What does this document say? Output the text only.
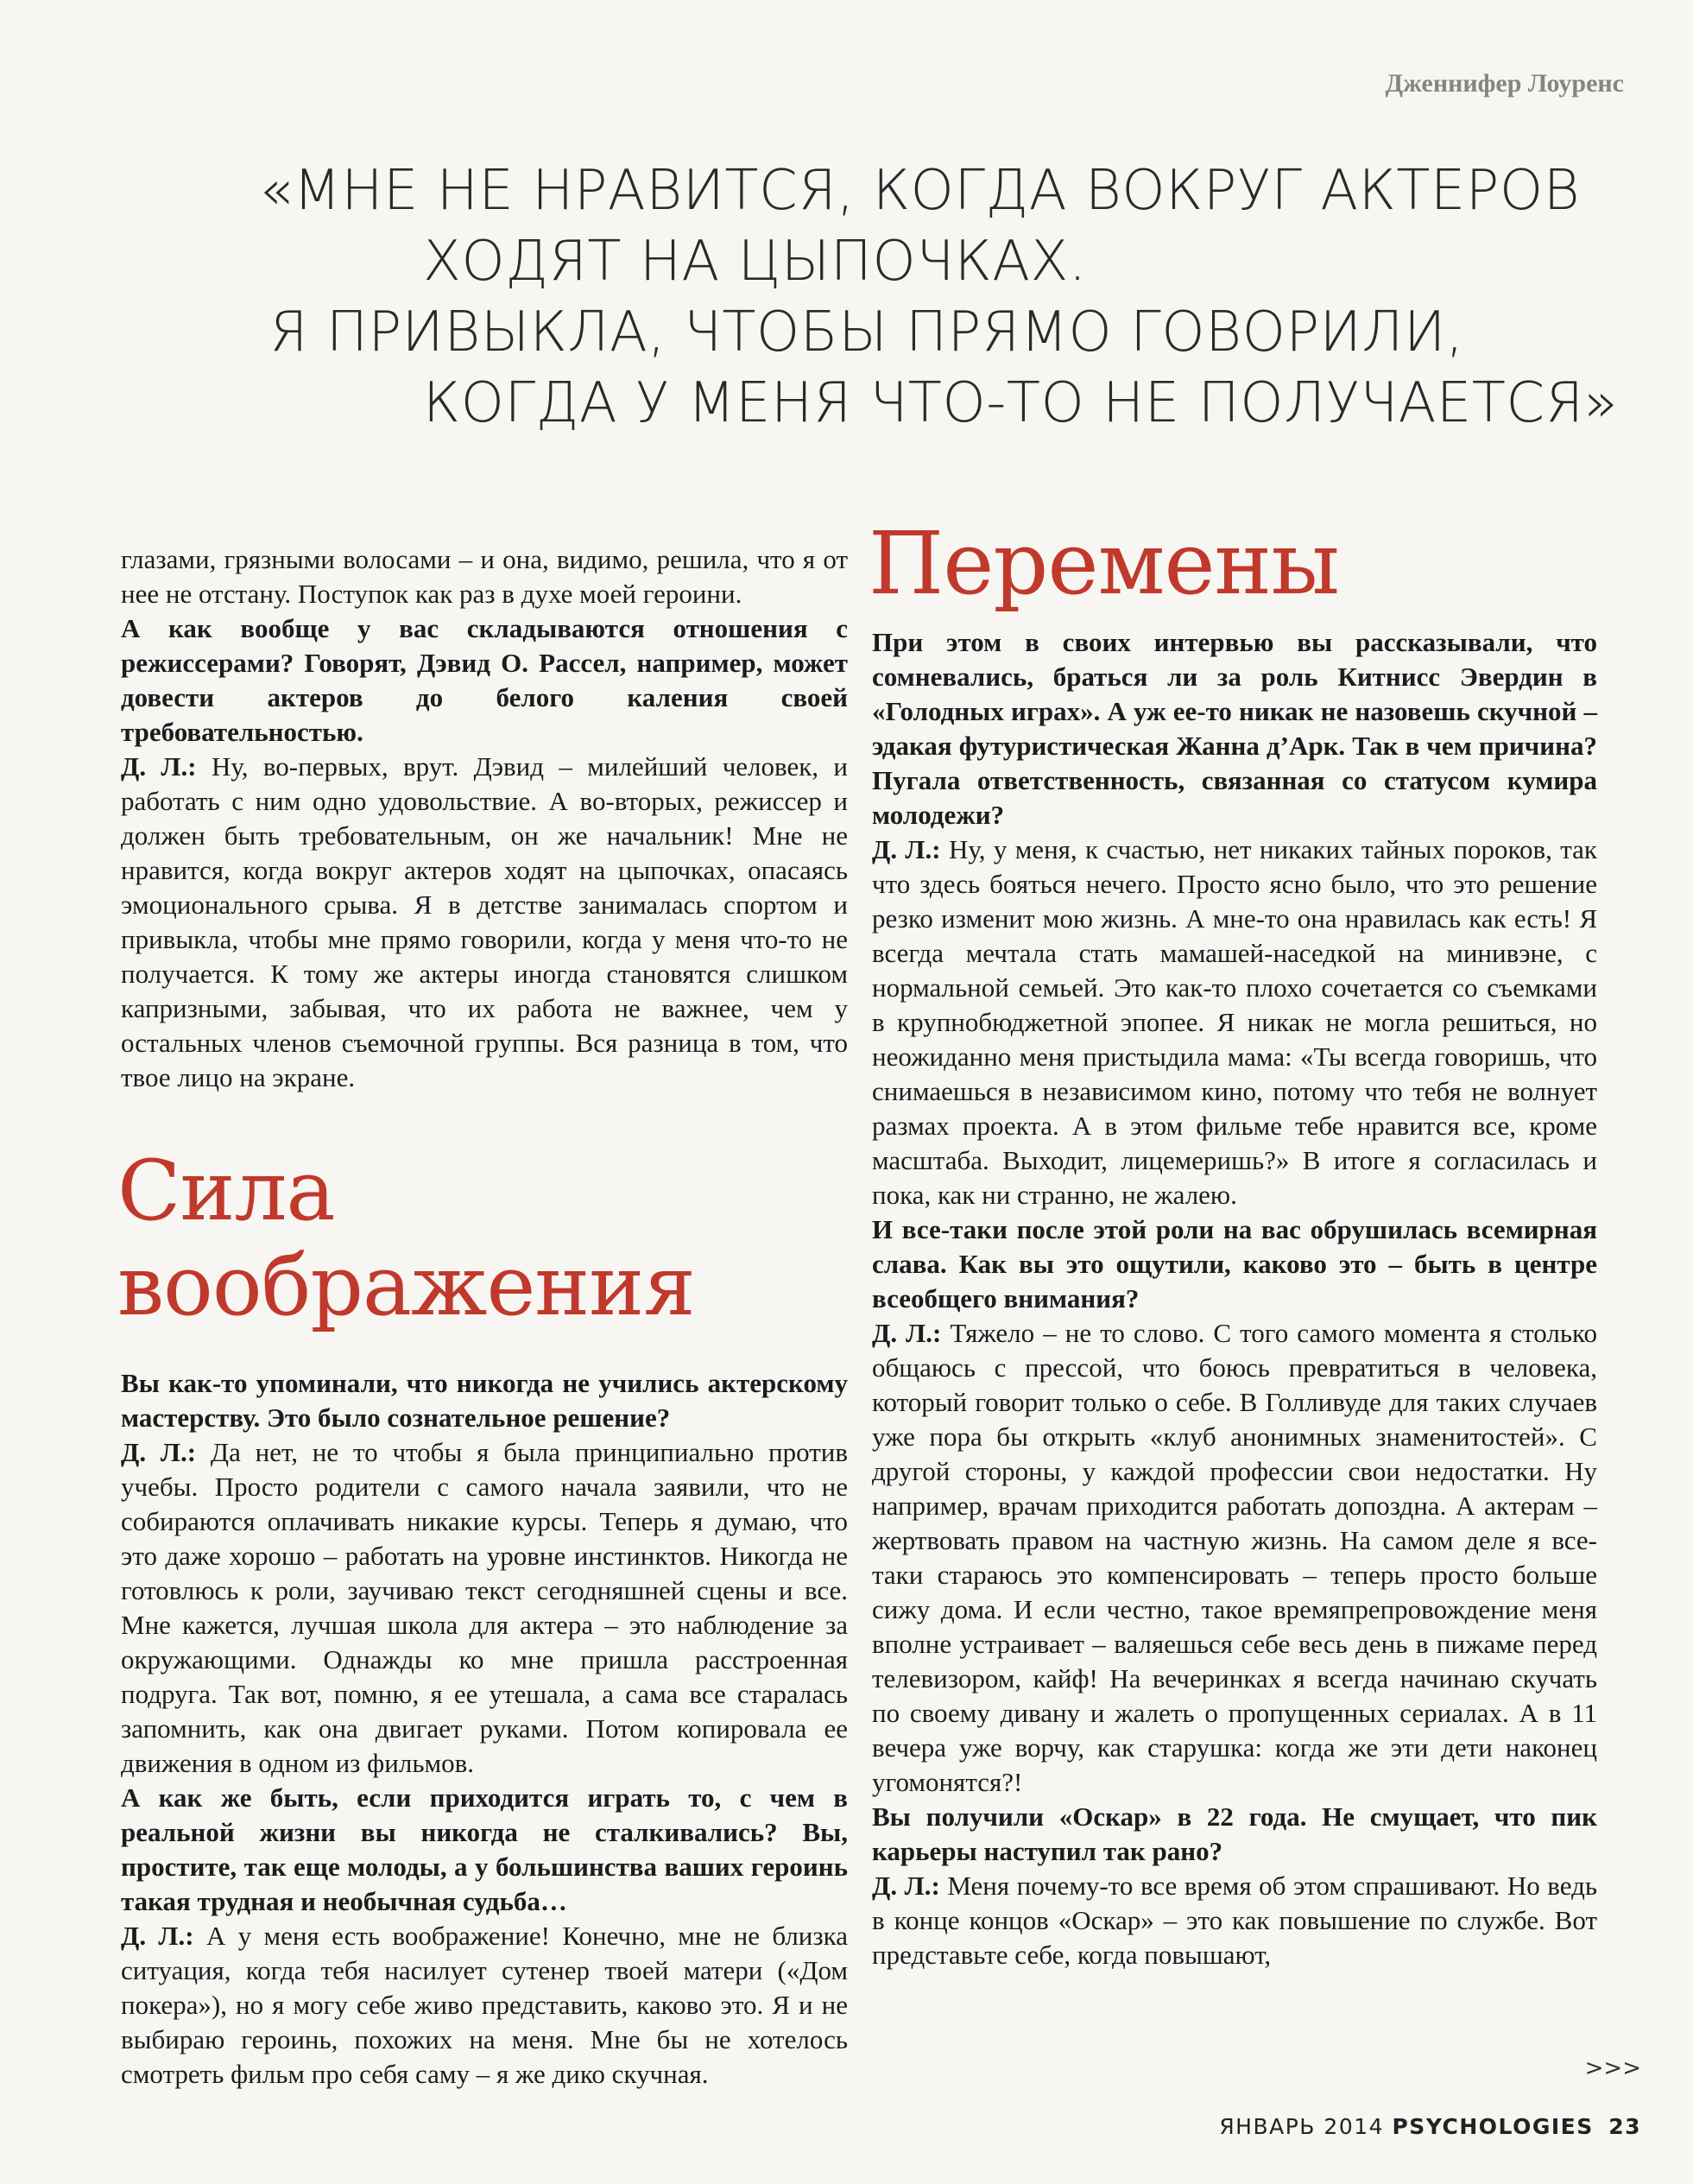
Дженнифер Лоуренс
«МНЕ НЕ НРАВИТСЯ, КОГДА ВОКРУГ АКТЕРОВ
ХОДЯТ НА ЦЫПОЧКАХ.
Я ПРИВЫКЛА, ЧТОБЫ ПРЯМО ГОВОРИЛИ,
КОГДА У МЕНЯ ЧТО-ТО НЕ ПОЛУЧАЕТСЯ»

глазами, грязными волосами – и она, видимо, решила, что я от нее не отстану. Поступок как раз в духе моей героини.

А как вообще у вас складываются отношения с режиссерами? Говорят, Дэвид О. Рассел, например, может довести актеров до белого каления своей требовательностью.

Д. Л.: Ну, во-первых, врут. Дэвид – милейший человек, и работать с ним одно удовольствие. А во-вторых, режиссер и должен быть требовательным, он же начальник! Мне не нравится, когда вокруг актеров ходят на цыпочках, опасаясь эмоционального срыва. Я в детстве занималась спортом и привыкла, чтобы мне прямо говорили, когда у меня что-то не получается. К тому же актеры иногда становятся слишком капризными, забывая, что их работа не важнее, чем у остальных членов съемочной группы. Вся разница в том, что твое лицо на экране.

Сила воображения

Вы как-то упоминали, что никогда не учились актерскому мастерству. Это было сознательное решение?

Д. Л.: Да нет, не то чтобы я была принципиально против учебы. Просто родители с самого начала заявили, что не собираются оплачивать никакие курсы. Теперь я думаю, что это даже хорошо – работать на уровне инстинктов. Никогда не готовлюсь к роли, заучиваю текст сегодняшней сцены и все. Мне кажется, лучшая школа для актера – это наблюдение за окружающими. Однажды ко мне пришла расстроенная подруга. Так вот, помню, я ее утешала, а сама все старалась запомнить, как она двигает руками. Потом копировала ее движения в одном из фильмов.

А как же быть, если приходится играть то, с чем в реальной жизни вы никогда не сталкивались? Вы, простите, так еще молоды, а у большинства ваших героинь такая трудная и необычная судьба…

Д. Л.: А у меня есть воображение! Конечно, мне не близка ситуация, когда тебя насилует сутенер твоей матери («Дом покера»), но я могу себе живо представить, каково это. Я и не выбираю героинь, похожих на меня. Мне бы не хотелось смотреть фильм про себя саму – я же дико скучная.

Перемены

При этом в своих интервью вы рассказывали, что сомневались, браться ли за роль Китнисс Эвердин в «Голодных играх». А уж ее-то никак не назовешь скучной – эдакая футуристическая Жанна д’Арк. Так в чем причина? Пугала ответственность, связанная со статусом кумира молодежи?

Д. Л.: Ну, у меня, к счастью, нет никаких тайных пороков, так что здесь бояться нечего. Просто ясно было, что это решение резко изменит мою жизнь. А мне-то она нравилась как есть! Я всегда мечтала стать мамашей-наседкой на минивэне, с нормальной семьей. Это как-то плохо сочетается со съемками в крупнобюджетной эпопее. Я никак не могла решиться, но неожиданно меня пристыдила мама: «Ты всегда говоришь, что снимаешься в независимом кино, потому что тебя не волнует размах проекта. А в этом фильме тебе нравится все, кроме масштаба. Выходит, лицемеришь?» В итоге я согласилась и пока, как ни странно, не жалею.

И все-таки после этой роли на вас обрушилась всемирная слава. Как вы это ощутили, каково это – быть в центре всеобщего внимания?

Д. Л.: Тяжело – не то слово. С того самого момента я столько общаюсь с прессой, что боюсь превратиться в человека, который говорит только о себе. В Голливуде для таких случаев уже пора бы открыть «клуб анонимных знаменитостей». С другой стороны, у каждой профессии свои недостатки. Ну например, врачам приходится работать допоздна. А актерам – жертвовать правом на частную жизнь. На самом деле я все-таки стараюсь это компенсировать – теперь просто больше сижу дома. И если честно, такое времяпрепровождение меня вполне устраивает – валяешься себе весь день в пижаме перед телевизором, кайф! На вечеринках я всегда начинаю скучать по своему дивану и жалеть о пропущенных сериалах. А в 11 вечера уже ворчу, как старушка: когда же эти дети наконец угомонятся?!

Вы получили «Оскар» в 22 года. Не смущает, что пик карьеры наступил так рано?

Д. Л.: Меня почему-то все время об этом спрашивают. Но ведь в конце концов «Оскар» – это как повышение по службе. Вот представьте себе, когда повышают,

>>>
ЯНВАРЬ 2014 PSYCHOLOGIES 23
